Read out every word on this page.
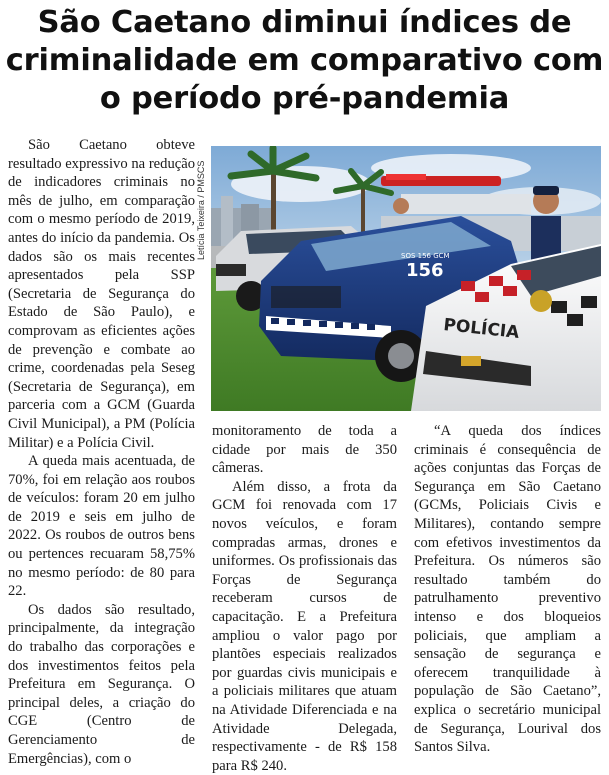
São Caetano diminui índices de criminalidade em comparativo com o período pré-pandemia

São Caetano obteve resultado expressivo na redução de indicadores criminais no mês de julho, em comparação com o mesmo período de 2019, antes do início da pandemia. Os dados são os mais recentes apresentados pela SSP (Secretaria de Segurança do Estado de São Paulo), e comprovam as eficientes ações de prevenção e combate ao crime, coordenadas pela Seseg (Secretaria de Segurança), em parceria com a GCM (Guarda Civil Municipal), a PM (Polícia Militar) e a Polícia Civil.

A queda mais acentuada, de 70%, foi em relação aos roubos de veículos: foram 20 em julho de 2019 e seis em julho de 2022. Os roubos de outros bens ou pertences recuaram 58,75% no mesmo período: de 80 para 22.

Os dados são resultado, principalmente, da integração do trabalho das corporações e dos investimentos feitos pela Prefeitura em Segurança. O principal deles, a criação do CGE (Centro de Gerenciamento de Emergências), com o

Letícia Teixeira / PMSCS
156
SOS 156 GCM
POLÍCIA

monitoramento de toda a cidade por mais de 350 câmeras.

Além disso, a frota da GCM foi renovada com 17 novos veículos, e foram compradas armas, drones e uniformes. Os profissionais das Forças de Segurança receberam cursos de capacitação. E a Prefeitura ampliou o valor pago por plantões especiais realizados por guardas civis municipais e a policiais militares que atuam na Atividade Diferenciada e na Atividade Delegada, respectivamente - de R$ 158 para R$ 240.

“A queda dos índices criminais é consequência de ações conjuntas das Forças de Segurança em São Caetano (GCMs, Policiais Civis e Militares), contando sempre com efetivos investimentos da Prefeitura. Os números são resultado também do patrulhamento preventivo intenso e dos bloqueios policiais, que ampliam a sensação de segurança e oferecem tranquilidade à população de São Caetano”, explica o secretário municipal de Segurança, Lourival dos Santos Silva.
